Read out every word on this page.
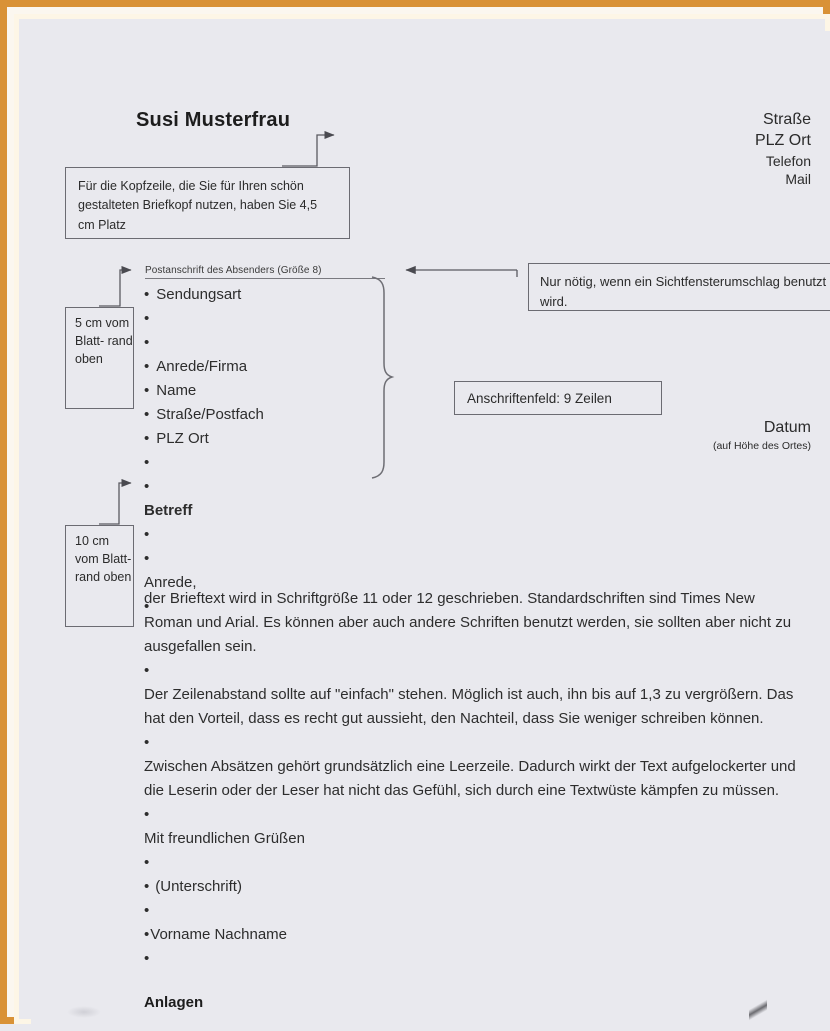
Susi Musterfrau	Straße
PLZ Ort
Telefon
Mail
Für die Kopfzeile, die Sie für Ihren schön gestalteten Briefkopf nutzen, haben Sie 4,5 cm Platz
Postanschrift des Absenders (Größe 8)
• Sendungsart
•
•
• Anrede/Firma
• Name
• Straße/Postfach
• PLZ Ort
•
•
Betreff
•
•
Anrede,
•
Nur nötig, wenn ein Sichtfensterumschlag benutzt wird.
Anschriftenfeld: 9 Zeilen
5 cm vom Blatt- rand oben
10 cm vom Blatt- rand oben
Datum
(auf Höhe des Ortes)

der Brieftext wird in Schriftgröße 11 oder 12 geschrieben. Standardschriften sind Times New Roman und Arial. Es können aber auch andere Schriften benutzt werden, sie sollten aber nicht zu ausgefallen sein.

•

Der Zeilenabstand sollte auf "einfach" stehen. Möglich ist auch, ihn bis auf 1,3 zu vergrößern. Das hat den Vorteil, dass es recht gut aussieht, den Nachteil, dass Sie weniger schreiben können.

•

Zwischen Absätzen gehört grundsätzlich eine Leerzeile. Dadurch wirkt der Text aufgelockerter und die Leserin oder der Leser hat nicht das Gefühl, sich durch eine Textwüste kämpfen zu müssen.

•

Mit freundlichen Grüßen

•
• (Unterschrift)
•
• Vorname Nachname
•
Anlagen
